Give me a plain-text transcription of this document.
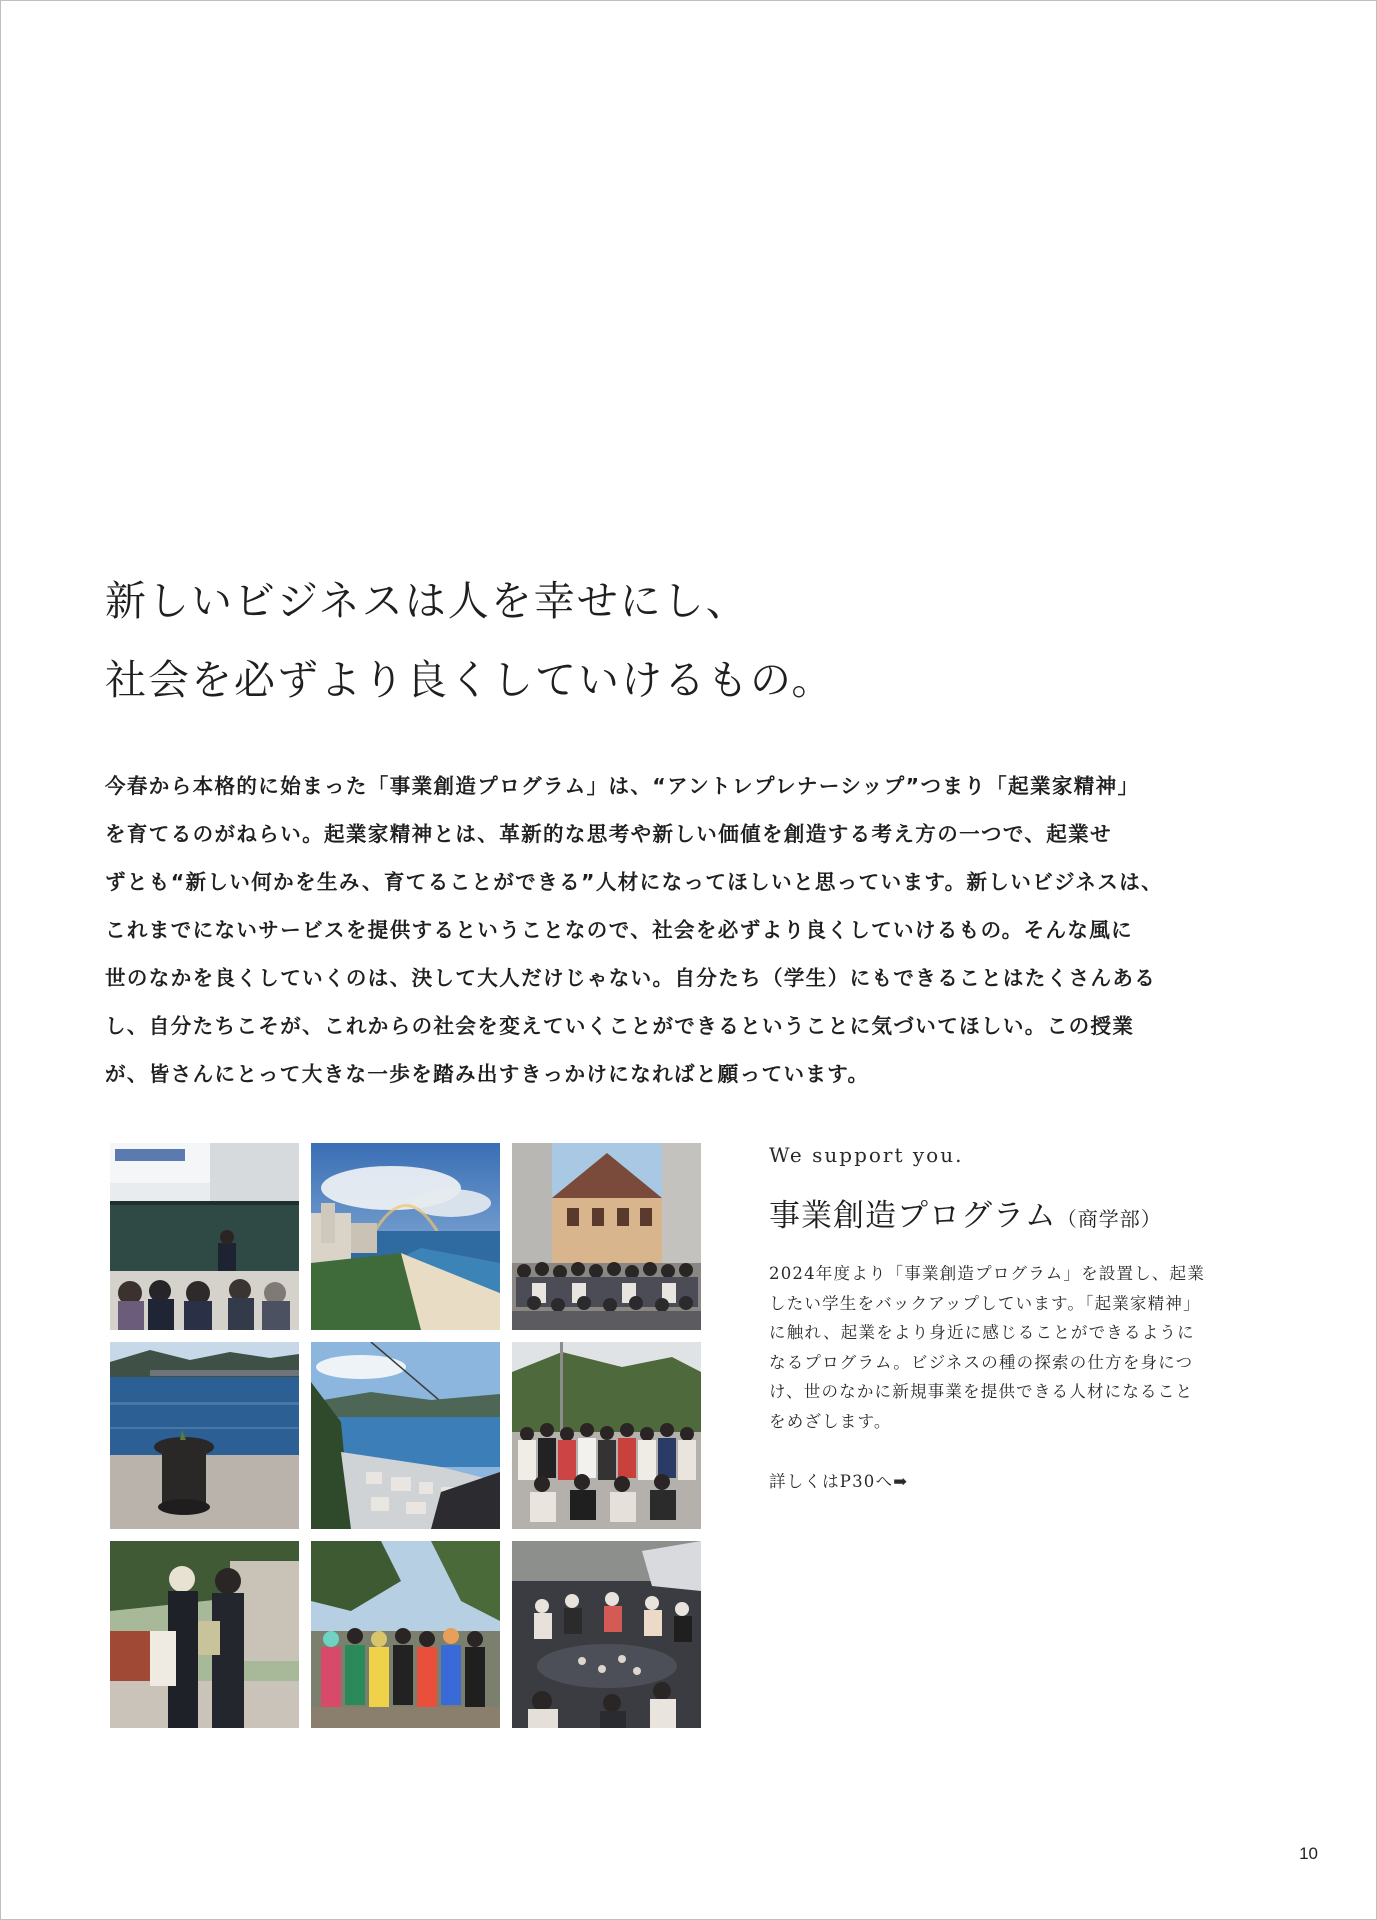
新しいビジネスは人を幸せにし、
社会を必ずより良くしていけるもの。
今春から本格的に始まった「事業創造プログラム」は、“アントレプレナーシップ”つまり「起業家精神」
を育てるのがねらい。起業家精神とは、革新的な思考や新しい価値を創造する考え方の一つで、起業せ
ずとも“新しい何かを生み、育てることができる”人材になってほしいと思っています。新しいビジネスは、
これまでにないサービスを提供するということなので、社会を必ずより良くしていけるもの。そんな風に
世のなかを良くしていくのは、決して大人だけじゃない。自分たち（学生）にもできることはたくさんある
し、自分たちこそが、これからの社会を変えていくことができるということに気づいてほしい。この授業
が、皆さんにとって大きな一歩を踏み出すきっかけになればと願っています。

We support you.

事業創造プログラム（商学部）
2024年度より「事業創造プログラム」を設置し、起業
したい学生をバックアップしています。「起業家精神」
に触れ、起業をより身近に感じることができるように
なるプログラム。ビジネスの種の探索の仕方を身につ
け、世のなかに新規事業を提供できる人材になること
をめざします。
詳しくはP30へ➡
10
